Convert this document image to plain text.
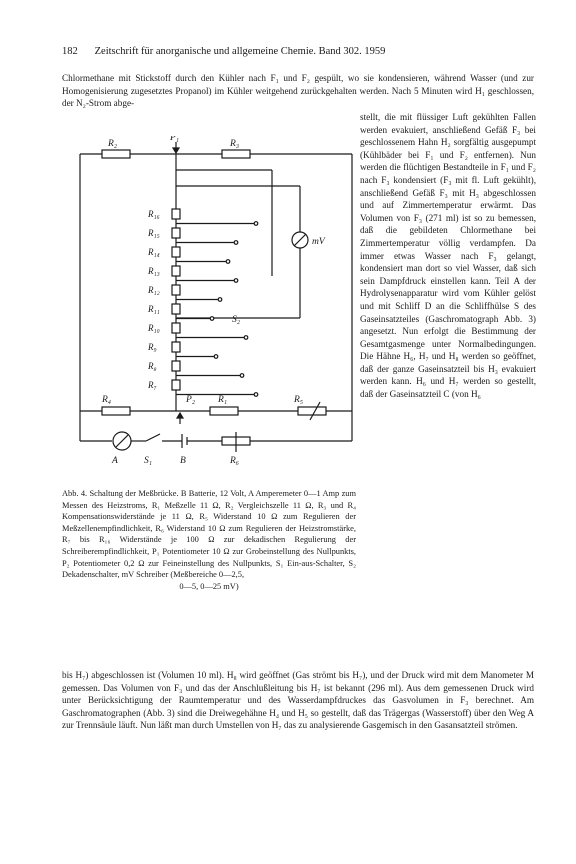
182 Zeitschrift für anorganische und allgemeine Chemie. Band 302. 1959
Chlormethane mit Stickstoff durch den Kühler nach F₁ und F₂ gespült, wo sie kondensieren, während Wasser (und zur Homogenisierung zugesetztes Propanol) im Kühler weitgehend zurückgehalten werden. Nach 5 Minuten wird H₁ geschlossen, der N₂-Strom abge-
R₂
P₁
R₃
mV
S₂
R₄	P₂ R₁	R₅
A	S₁	B	R₆
R₁₆
R₁₅
R₁₄
R₁₃
R₁₂
R₁₁
R₁₀
R₉
R₈
R₇
Abb. 4. Schaltung der Meßbrücke. B Batterie, 12 Volt, A Amperemeter 0—1 Amp zum Messen des Heizstroms, R₁ Meßzelle 11 Ω, R₂ Vergleichszelle 11 Ω, R₃ und R₄ Kompensationswiderstände je 11 Ω, R₅ Widerstand 10 Ω zum Regulieren der Meßzellenempfindlichkeit, R₆ Widerstand 10 Ω zum Regulieren der Heizstromstärke, R₇ bis R₁₆ Widerstände je 100 Ω zur dekadischen Regulierung der Schreiberempfindlichkeit, P₁ Potentiometer 10 Ω zur Grobeinstellung des Nullpunkts, P₂ Potentiometer 0,2 Ω zur Feineinstellung des Nullpunkts, S₁ Ein-aus-Schalter, S₂ Dekadenschalter, mV Schreiber (Meßbereiche 0—2,5,
0—5, 0—25 mV)
stellt, die mit flüssiger Luft gekühlten Fallen werden evakuiert, anschließend Gefäß F₃ bei geschlossenem Hahn H₂ sorgfältig ausgepumpt (Kühlbäder bei F₁ und F₂ entfernen). Nun werden die flüchtigen Bestandteile in F₁ und F₂ nach F₃ kondensiert (F₃ mit fl. Luft gekühlt), anschließend Gefäß F₃ mit H₃ abgeschlossen und auf Zimmertemperatur erwärmt. Das Volumen von F₃ (271 ml) ist so zu bemessen, daß die gebildeten Chlormethane bei Zimmertemperatur völlig verdampfen. Da immer etwas Wasser nach F₃ gelangt, kondensiert man dort so viel Wasser, daß sich sein Dampfdruck einstellen kann. Teil A der Hydrolysenapparatur wird vom Kühler gelöst und mit Schliff D an die Schliffhülse S des Gaseinsatzteiles (Gaschromatograph Abb. 3) angesetzt. Nun erfolgt die Bestimmung der Gesamtgasmenge unter Normalbedingungen. Die Hähne H₆, H₇ und H₈ werden so geöffnet, daß der ganze Gaseinsatzteil bis H₃ evakuiert werden kann. H₆ und H₇ werden so gestellt, daß der Gaseinsatzteil C (von H₆
bis H₇) abgeschlossen ist (Volumen 10 ml). H₈ wird geöffnet (Gas strömt bis H₇), und der Druck wird mit dem Manometer M gemessen. Das Volumen von F₃ und das der Anschlußleitung bis H₇ ist bekannt (296 ml). Aus dem gemessenen Druck wird unter Berücksichtigung der Raumtemperatur und des Wasserdampfdruckes das Gasvolumen in F₃ berechnet. Am Gaschromatographen (Abb. 3) sind die Dreiwegehähne H₄ und H₅ so gestellt, daß das Trägergas (Wasserstoff) über den Weg A zur Trennsäule läuft. Nun läßt man durch Umstellen von H₇ das zu analysierende Gasgemisch in den Gasansatzteil strömen.
